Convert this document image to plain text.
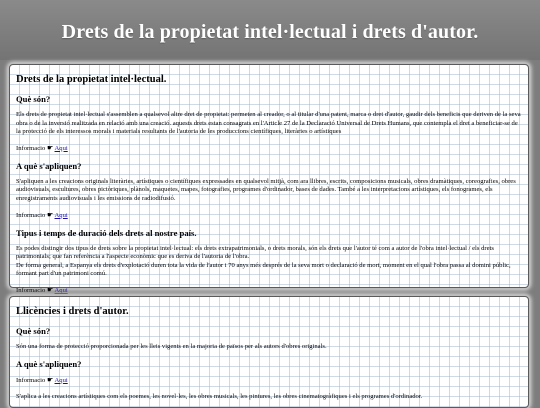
Drets de la propietat intel·lectual i drets d'autor.
Drets de la propietat intel·lectual.
Què són?

Els drets de propietat intel·lectual s'assemblen a qualsevol altre dret de propietat: permeten al creador, o al titular d'una patent, marca o dret d'autor, gaudir dels beneficis que deriven de la seva obra o de la inversió realitzada en relació amb una creació. aquests drets estan consagrats en l'Article 27 de la Declaració Universal de Drets Humans, que contempla el dret a beneficiar-se de la protecció de els interessos morals i materials resultants de l'autoria de les produccions científiques, literàries o artístiques

Informacio ☛ Aqui
A què s'apliquen?

S'apliquen a les creacions originals literàries, artístiques o científiques expressades en qualsevol mitjà, com ara llibres, escrits, composicions musicals, obres dramàtiques, coreografies, obres audiovisuals, escultures, obres pictòriques, plànols, maquetes, mapes, fotografies, programes d'ordinador, bases de dades. També a les interpretacions artístiques, els fonogrames, els enregistraments audiovisuals i les emissions de radiodifusió.

Informacio ☛ Aqui
Tipus i temps de duració dels drets al nostre país.

Es podes distingir dos tipus de drets sobre la propietat intel·lectual: els drets extrapatrimonials, o drets morals, són els drets que l'autor té com a autor de l'obra intel·lectual / els drets patrimonials; que fan referència a l'aspecte econòmic que es deriva de l'autoria de l'obra.

De forma general, a Espanya els drets d'explotació duren tota la vida de l'autor i 70 anys més després de la seva mort o declaració de mort, moment en el qual l'obra passa al domini públic, formant part d'un patrimoni comú.

Informacio ☛ Aqui
Llicències i drets d'autor.
Què són?

Són una forma de protecció proporcionada per les lleis vigents en la majoria de països per als autors d'obres originals.

A què s'apliquen?
Informacio ☛ Aqui

S'aplica a les creacions artístiques com els poemes, les novel·les, les obres musicals, les pintures, les obres cinematogràfiques i els programes d'ordinador.
